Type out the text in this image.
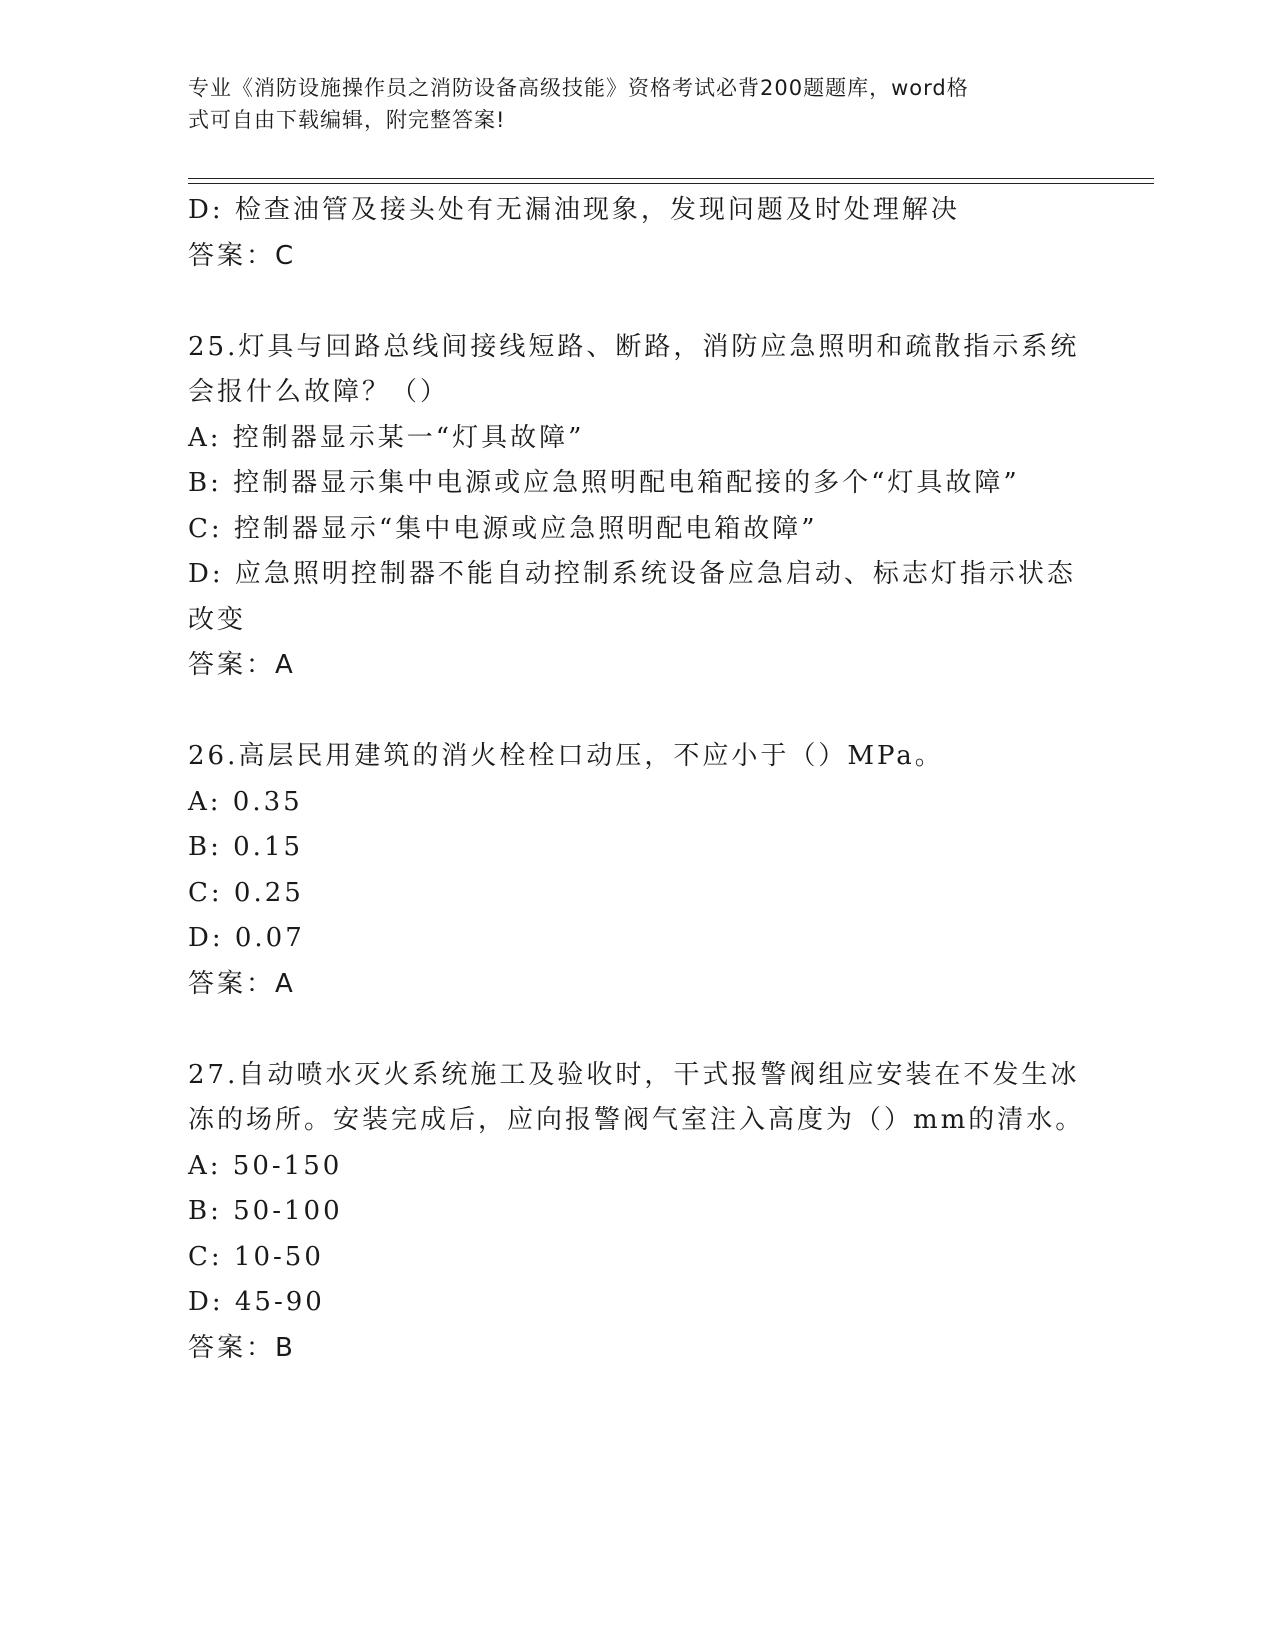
专业《消防设施操作员之消防设备高级技能》资格考试必背200题题库，word格
式可自由下载编辑，附完整答案!
D: 检查油管及接头处有无漏油现象，发现问题及时处理解决
答案：C
25.灯具与回路总线间接线短路、断路，消防应急照明和疏散指示系统
会报什么故障？（）
A: 控制器显示某一“灯具故障”
B: 控制器显示集中电源或应急照明配电箱配接的多个“灯具故障”
C: 控制器显示“集中电源或应急照明配电箱故障”
D: 应急照明控制器不能自动控制系统设备应急启动、标志灯指示状态
改变
答案：A
26.高层民用建筑的消火栓栓口动压，不应小于（）MPa。
A: 0.35
B: 0.15
C: 0.25
D: 0.07
答案：A
27.自动喷水灭火系统施工及验收时，干式报警阀组应安装在不发生冰
冻的场所。安装完成后，应向报警阀气室注入高度为（）mm的清水。
A: 50-150
B: 50-100
C: 10-50
D: 45-90
答案：B
